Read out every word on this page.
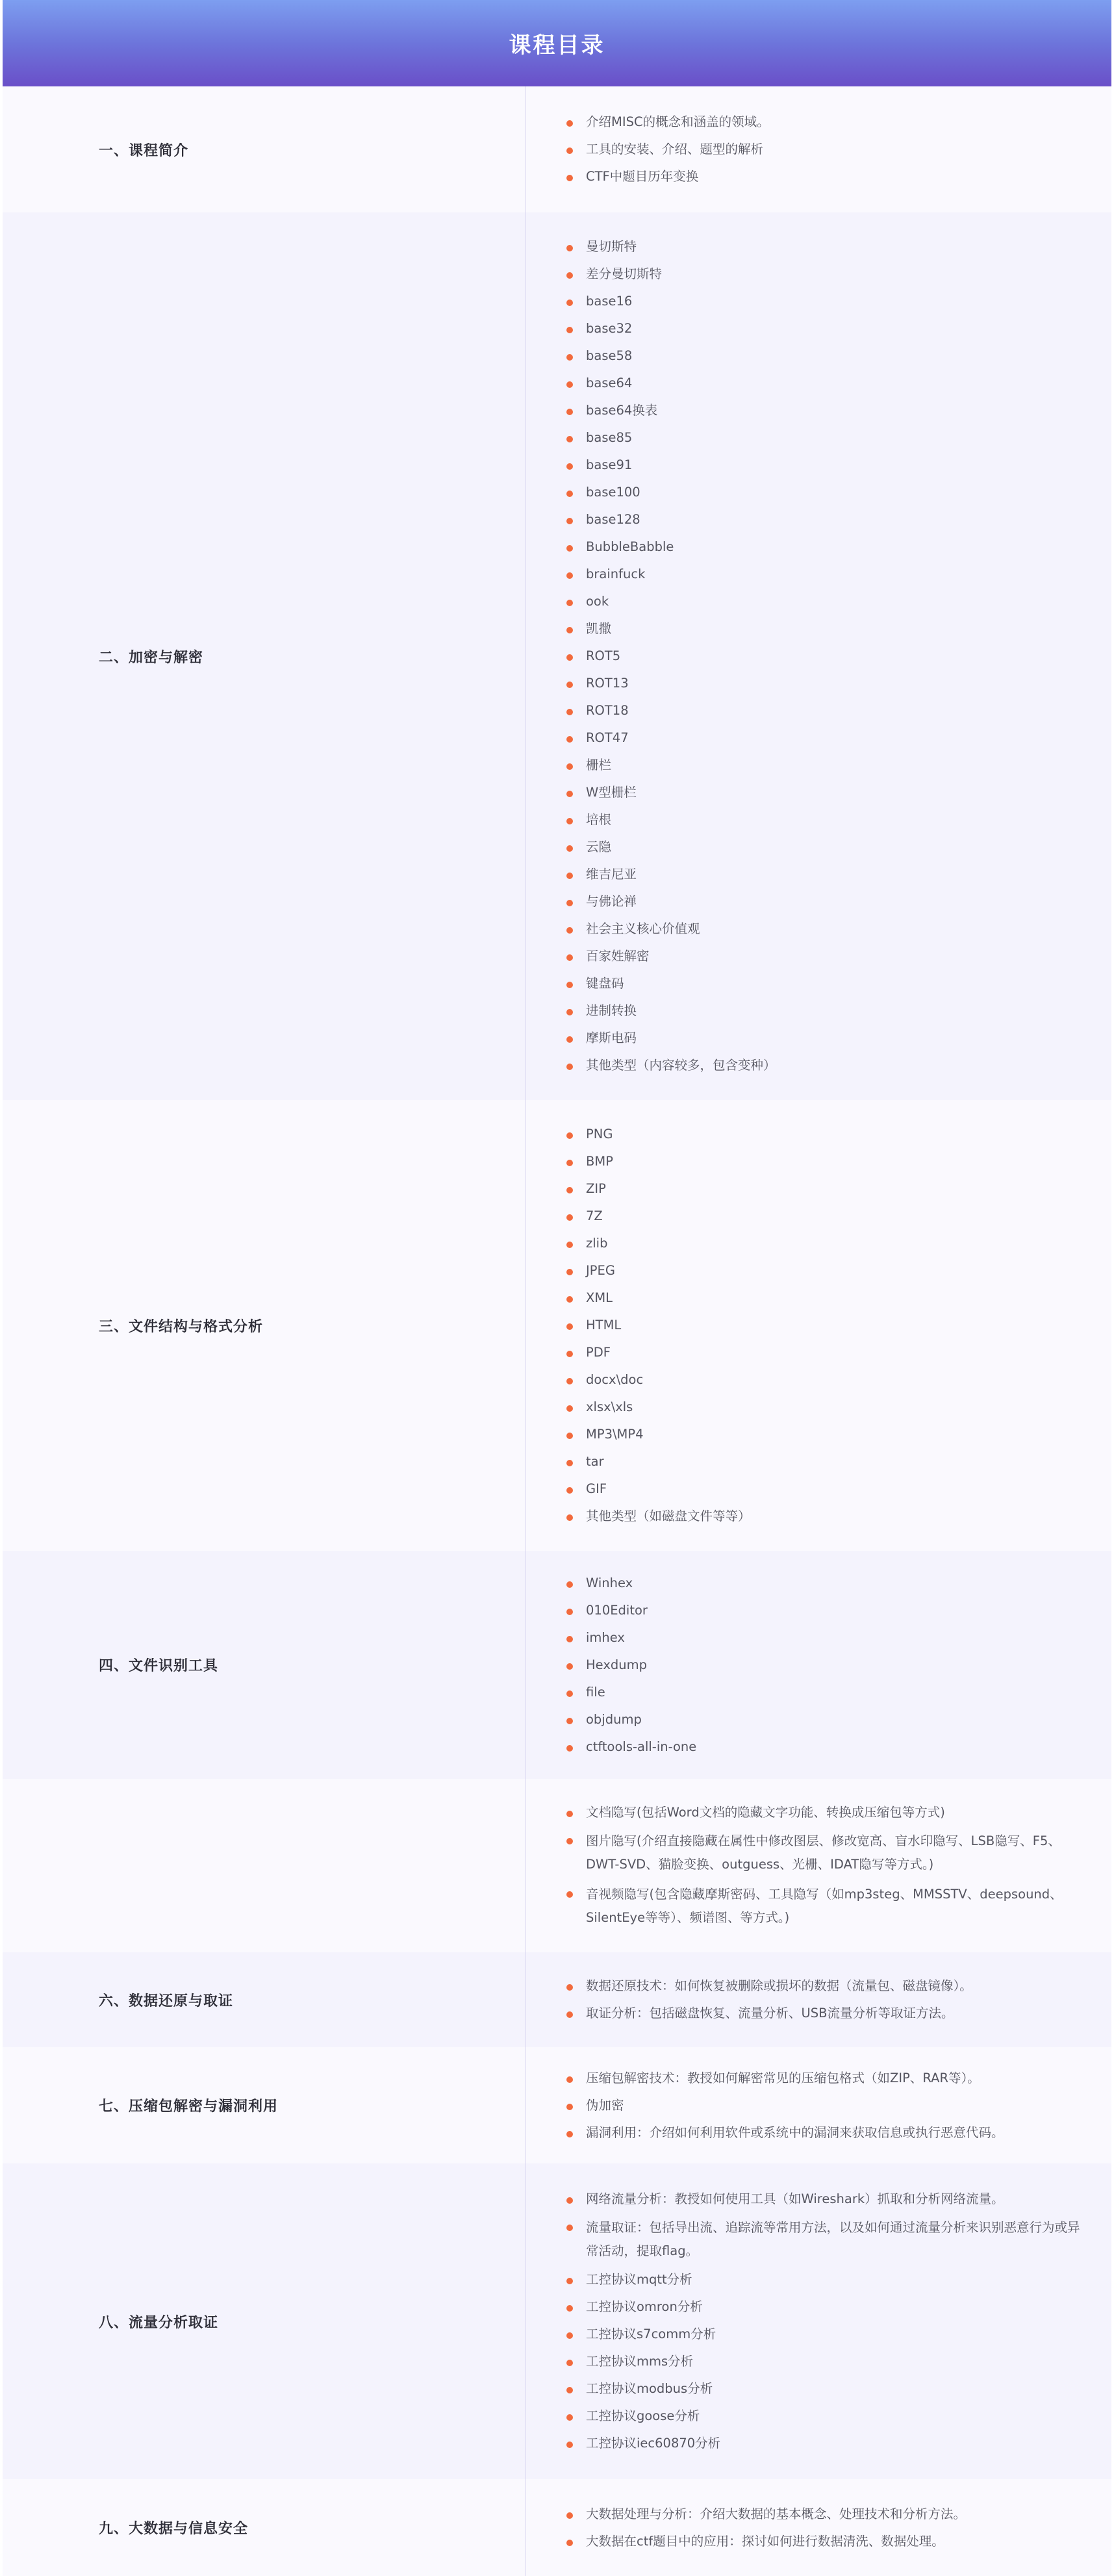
课程目录
一、课程简介
介绍MISC的概念和涵盖的领域。
工具的安装、介绍、题型的解析
CTF中题目历年变换
二、加密与解密
曼切斯特
差分曼切斯特
base16
base32
base58
base64
base64换表
base85
base91
base100
base128
BubbleBabble
brainfuck
ook
凯撒
ROT5
ROT13
ROT18
ROT47
栅栏
W型栅栏
培根
云隐
维吉尼亚
与佛论禅
社会主义核心价值观
百家姓解密
键盘码
进制转换
摩斯电码
其他类型（内容较多，包含变种）
三、文件结构与格式分析
PNG
BMP
ZIP
7Z
zlib
JPEG
XML
HTML
PDF
docx\doc
xlsx\xls
MP3\MP4
tar
GIF
其他类型（如磁盘文件等等）
四、文件识别工具
Winhex
010Editor
imhex
Hexdump
file
objdump
ctftools-all-in-one
文档隐写(包括Word文档的隐藏文字功能、转换成压缩包等方式)
图片隐写(介绍直接隐藏在属性中修改图层、修改宽高、盲水印隐写、LSB隐写、F5、DWT-SVD、猫脸变换、outguess、光栅、IDAT隐写等方式。)
音视频隐写(包含隐藏摩斯密码、工具隐写（如mp3steg、MMSSTV、deepsound、SilentEye等等）、频谱图、等方式。)
六、数据还原与取证
数据还原技术：如何恢复被删除或损坏的数据（流量包、磁盘镜像）。
取证分析：包括磁盘恢复、流量分析、USB流量分析等取证方法。
七、压缩包解密与漏洞利用
压缩包解密技术：教授如何解密常见的压缩包格式（如ZIP、RAR等）。
伪加密
漏洞利用：介绍如何利用软件或系统中的漏洞来获取信息或执行恶意代码。
八、流量分析取证
网络流量分析：教授如何使用工具（如Wireshark）抓取和分析网络流量。
流量取证：包括导出流、追踪流等常用方法，以及如何通过流量分析来识别恶意行为或异常活动，提取flag。
工控协议mqtt分析
工控协议omron分析
工控协议s7comm分析
工控协议mms分析
工控协议modbus分析
工控协议goose分析
工控协议iec60870分析
九、大数据与信息安全
大数据处理与分析：介绍大数据的基本概念、处理技术和分析方法。
大数据在ctf题目中的应用：探讨如何进行数据清洗、数据处理。
